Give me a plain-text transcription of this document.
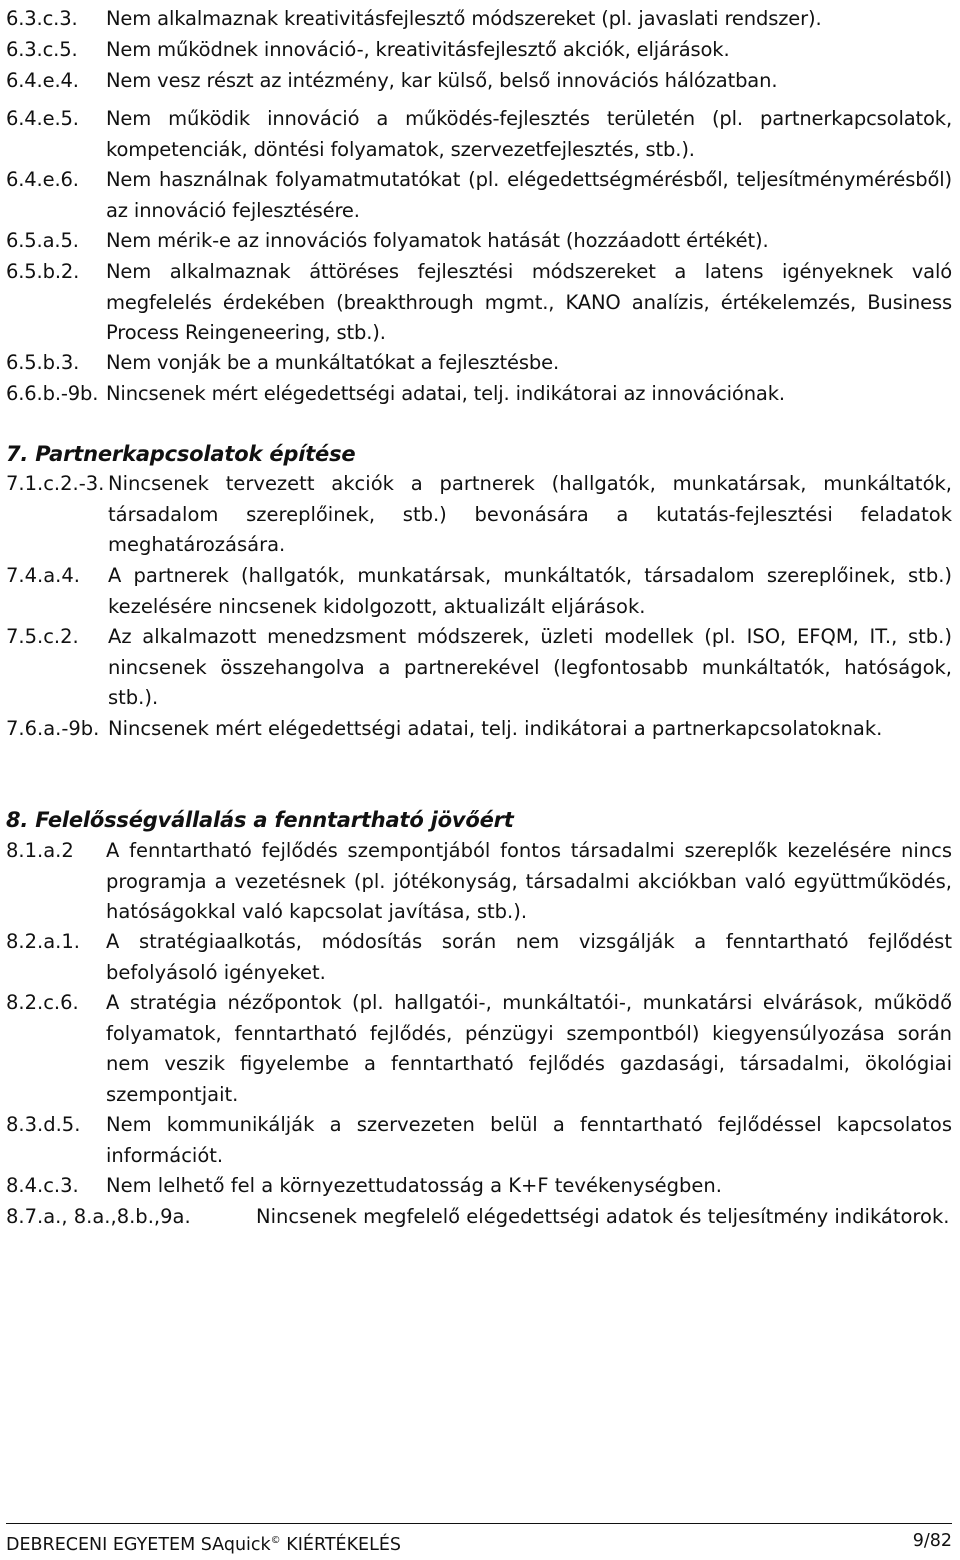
6.3.c.3. Nem alkalmaznak kreativitásfejlesztő módszereket (pl. javaslati rendszer).
6.3.c.5. Nem működnek innováció-, kreativitásfejlesztő akciók, eljárások.
6.4.e.4. Nem vesz részt az intézmény, kar külső, belső innovációs hálózatban.
6.4.e.5. Nem működik innováció a működés-fejlesztés területén (pl. partnerkapcsolatok, kompetenciák, döntési folyamatok, szervezetfejlesztés, stb.).
6.4.e.6. Nem használnak folyamatmutatókat (pl. elégedettségmérésből, teljesítménymérésből) az innováció fejlesztésére.
6.5.a.5. Nem mérik-e az innovációs folyamatok hatását (hozzáadott értékét).
6.5.b.2. Nem alkalmaznak áttöréses fejlesztési módszereket a latens igényeknek való megfelelés érdekében (breakthrough mgmt., KANO analízis, értékelemzés, Business Process Reingeneering, stb.).
6.5.b.3. Nem vonják be a munkáltatókat a fejlesztésbe.
6.6.b.-9b. Nincsenek mért elégedettségi adatai, telj. indikátorai az innovációnak.
7. Partnerkapcsolatok építése
7.1.c.2.-3. Nincsenek tervezett akciók a partnerek (hallgatók, munkatársak, munkáltatók, társadalom szereplőinek, stb.) bevonására a kutatás-fejlesztési feladatok meghatározására.
7.4.a.4. A partnerek (hallgatók, munkatársak, munkáltatók, társadalom szereplőinek, stb.) kezelésére nincsenek kidolgozott, aktualizált eljárások.
7.5.c.2. Az alkalmazott menedzsment módszerek, üzleti modellek (pl. ISO, EFQM, IT., stb.) nincsenek összehangolva a partnerekével (legfontosabb munkáltatók, hatóságok, stb.).
7.6.a.-9b. Nincsenek mért elégedettségi adatai, telj. indikátorai a partnerkapcsolatoknak.
8. Felelősségvállalás a fenntartható jövőért
8.1.a.2 A fenntartható fejlődés szempontjából fontos társadalmi szereplők kezelésére nincs programja a vezetésnek (pl. jótékonyság, társadalmi akciókban való együttműködés, hatóságokkal való kapcsolat javítása, stb.).
8.2.a.1. A stratégiaalkotás, módosítás során nem vizsgálják a fenntartható fejlődést befolyásoló igényeket.
8.2.c.6. A stratégia nézőpontok (pl. hallgatói-, munkáltatói-, munkatársi elvárások, működő folyamatok, fenntartható fejlődés, pénzügyi szempontból) kiegyensúlyozása során nem veszik figyelembe a fenntartható fejlődés gazdasági, társadalmi, ökológiai szempontjait.
8.3.d.5. Nem kommunikálják a szervezeten belül a fenntartható fejlődéssel kapcsolatos információt.
8.4.c.3. Nem lelhető fel a környezettudatosság a K+F tevékenységben.
8.7.a., 8.a.,8.b.,9a.	Nincsenek megfelelő elégedettségi adatok és teljesítmény indikátorok.
DEBRECENI EGYETEM SAquick© KIÉRTÉKELÉS	9/82
